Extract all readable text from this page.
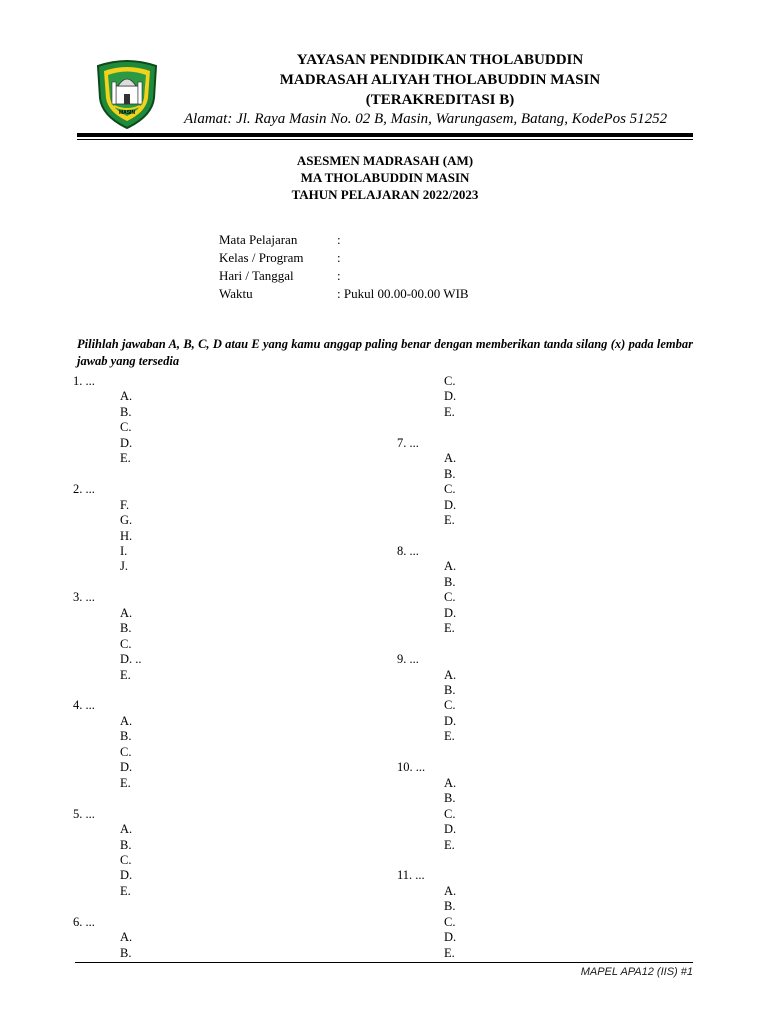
MASIN
YAYASAN PENDIDIKAN THOLABUDDIN
MADRASAH ALIYAH THOLABUDDIN MASIN
(TERAKREDITASI B)
Alamat: Jl. Raya Masin No. 02 B, Masin, Warungasem, Batang, KodePos 51252
ASESMEN MADRASAH (AM)
MA THOLABUDDIN MASIN
TAHUN PELAJARAN 2022/2023
Mata Pelajaran	:
Kelas / Program	:
Hari / Tanggal	:
Waktu	: Pukul 00.00-00.00 WIB
Pilihlah jawaban A, B, C, D atau E yang kamu anggap paling benar dengan memberikan tanda silang (x) pada lembar jawab yang tersedia
1. ...
A.
B.
C.
D.
E.
2. ...
F.
G.
H.
I.
J.
3. ...
A.
B.
C.
D. ..
E.
4. ...
A.
B.
C.
D.
E.
5. ...
A.
B.
C.
D.
E.
6. ...
A.
B.
C.
D.
E.
7. ...
A.
B.
C.
D.
E.
8. ...
A.
B.
C.
D.
E.
9. ...
A.
B.
C.
D.
E.
10. ...
A.
B.
C.
D.
E.
11. ...
A.
B.
C.
D.
E.
MAPEL APA12 (IIS) #1
